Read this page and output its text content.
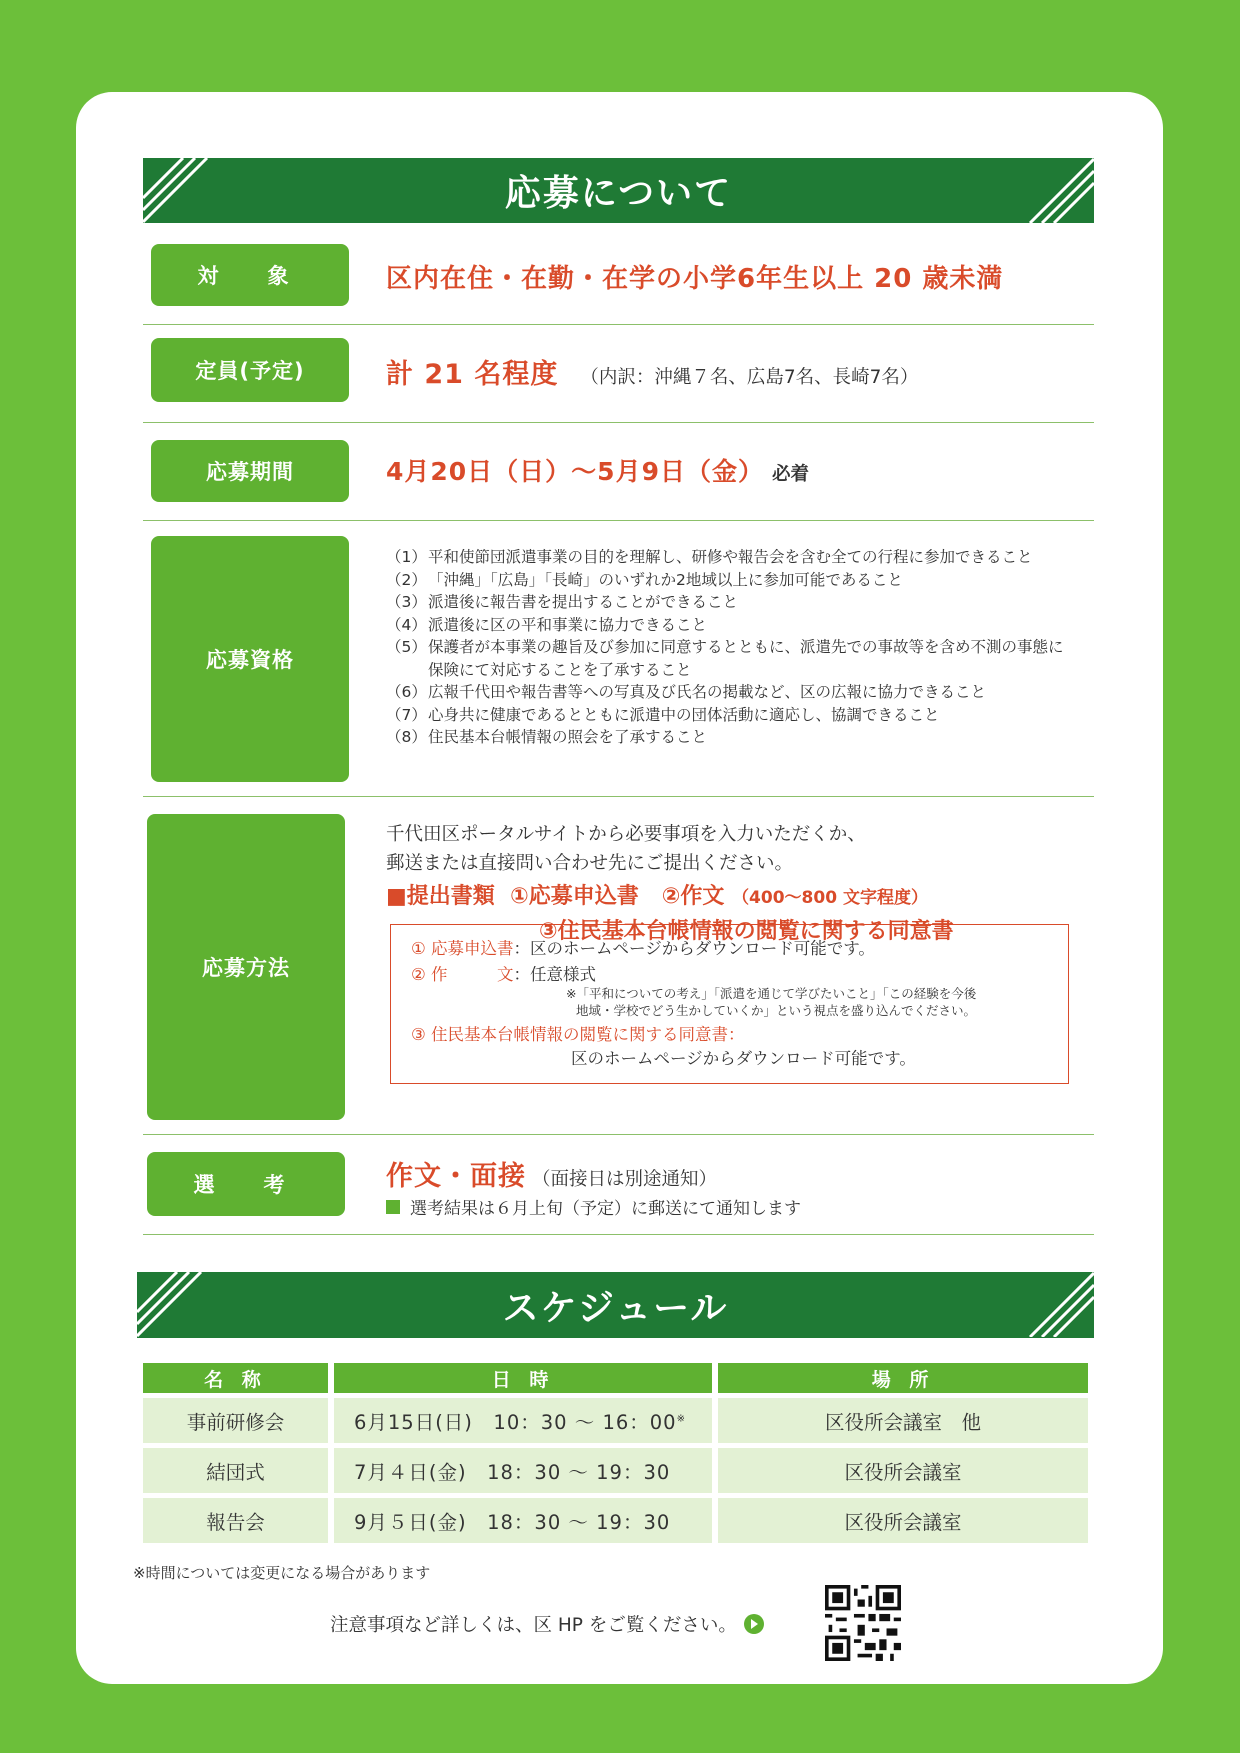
応募について
対　象	区内在住・在勤・在学の小学6年生以上 20 歳未満
定員(予定)	計 21 名程度 （内訳：沖縄７名、広島7名、長崎7名）
応募期間	4月20日（日）～5月9日（金） 必着
応募資格
（1） 平和使節団派遣事業の目的を理解し、研修や報告会を含む全ての行程に参加できること
（2） 「沖縄」「広島」「長崎」のいずれか2地域以上に参加可能であること
（3） 派遣後に報告書を提出することができること
（4） 派遣後に区の平和事業に協力できること
（5） 保護者が本事業の趣旨及び参加に同意するとともに、派遣先での事故等を含め不測の事態に保険にて対応することを了承すること
（6） 広報千代田や報告書等への写真及び氏名の掲載など、区の広報に協力できること
（7） 心身共に健康であるとともに派遣中の団体活動に適応し、協調できること
（8） 住民基本台帳情報の照会を了承すること
応募方法
千代田区ポータルサイトから必要事項を入力いただくか、
郵送または直接問い合わせ先にご提出ください。
■提出書類 ①応募申込書 ②作文 （400～800 文字程度）
③住民基本台帳情報の閲覧に関する同意書
① 応募申込書：区のホームページからダウンロード可能です。
② 作　　　文：任意様式
※「平和についての考え」「派遣を通じて学びたいこと」「この経験を今後
地域・学校でどう生かしていくか」という視点を盛り込んでください。
③ 住民基本台帳情報の閲覧に関する同意書：
区のホームページからダウンロード可能です。
選　考	作文・面接 （面接日は別途通知）
選考結果は６月上旬（予定）に郵送にて通知します
スケジュール
名 称	日 時	場 所
事前研修会	6月15日(日)　10：30 ～ 16：00※	区役所会議室　他
結団式	7月４日(金)　18：30 ～ 19：30	区役所会議室
報告会	9月５日(金)　18：30 ～ 19：30	区役所会議室
※時間については変更になる場合があります
注意事項など詳しくは、区 HP をご覧ください。
